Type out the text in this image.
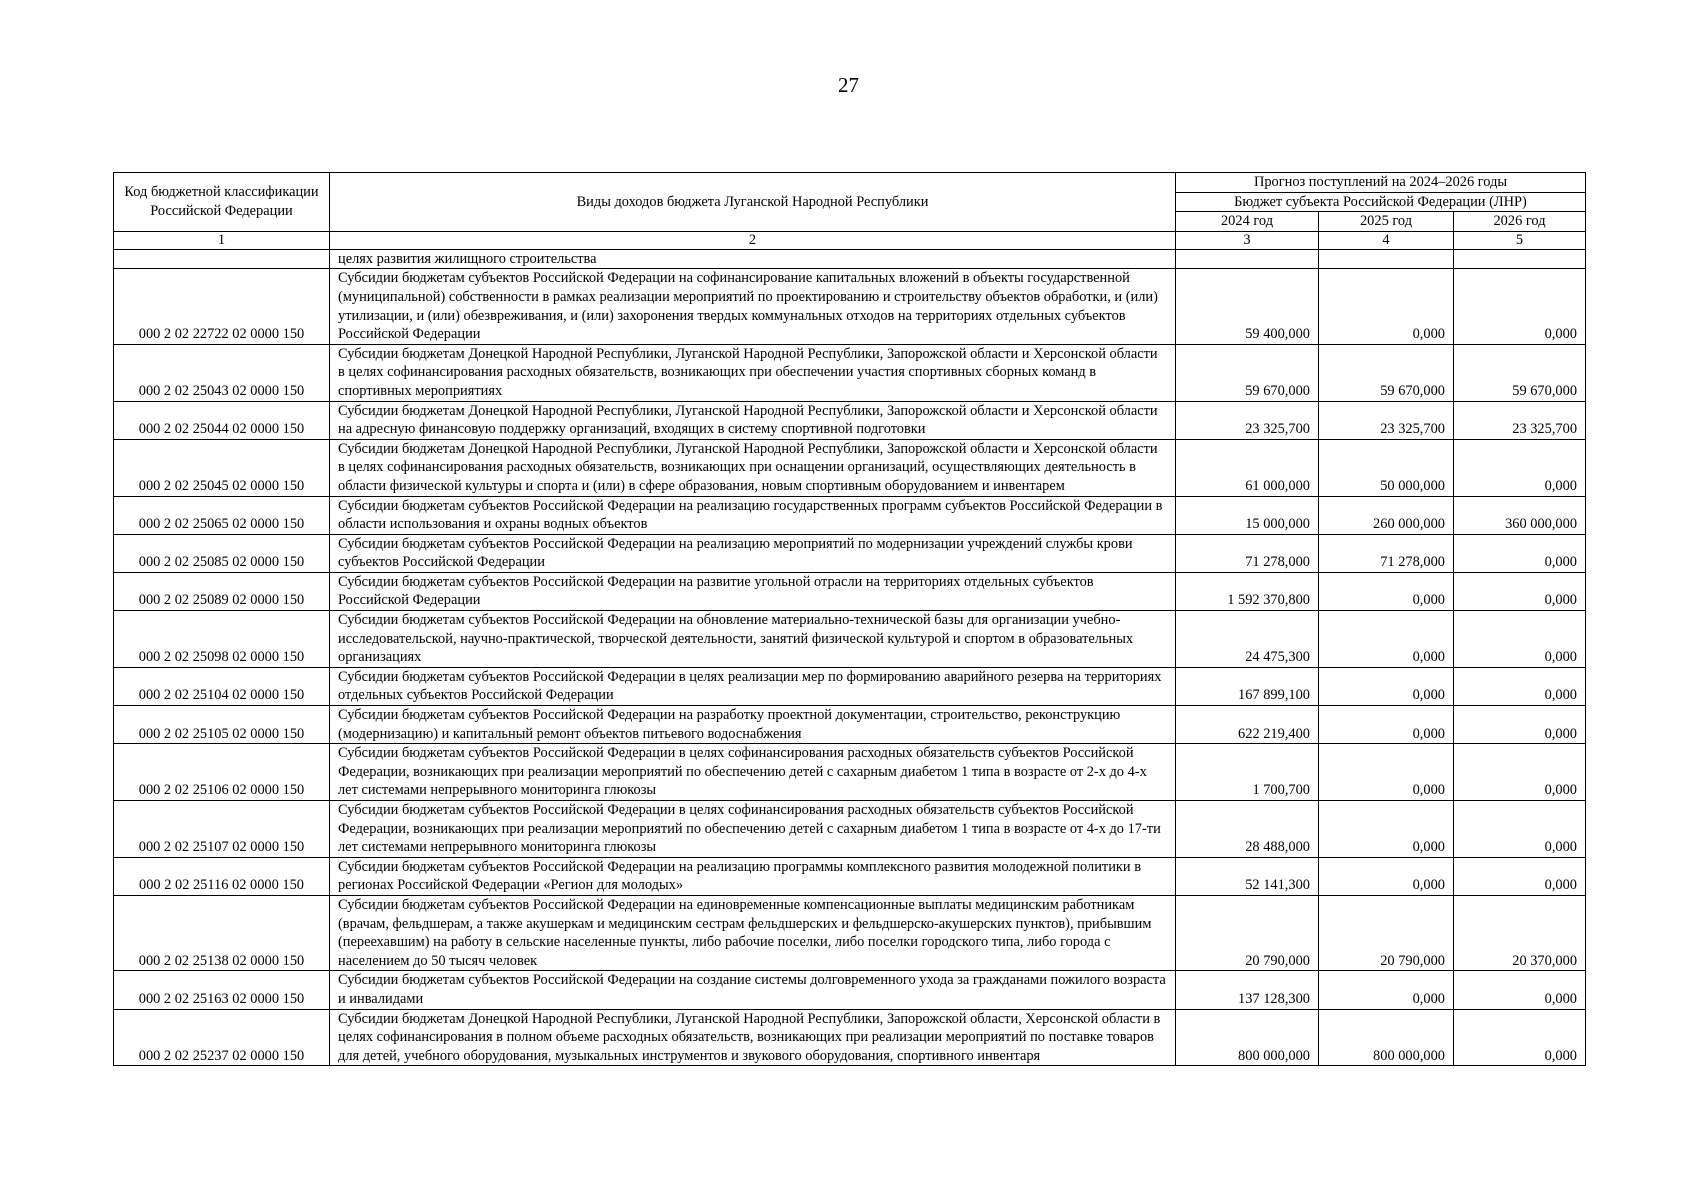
27
Код бюджетной классификации Российской Федерации	Виды доходов бюджета Луганской Народной Республики	Прогноз поступлений на 2024–2026 годы		
		Бюджет субъекта Российской Федерации (ЛНР)		
		2024 год	2025 год	2026 год
1	2	3	4	5
	целях развития жилищного строительства			
000 2 02 22722 02 0000 150	Субсидии бюджетам субъектов Российской Федерации на софинансирование капитальных вложений в объекты государственной (муниципальной) собственности в рамках реализации мероприятий по проектированию и строительству объектов обработки, и (или) утилизации, и (или) обезвреживания, и (или) захоронения твердых коммунальных отходов на территориях отдельных субъектов Российской Федерации	59 400,000	0,000	0,000
000 2 02 25043 02 0000 150	Субсидии бюджетам Донецкой Народной Республики, Луганской Народной Республики, Запорожской области и Херсонской области в целях софинансирования расходных обязательств, возникающих при обеспечении участия спортивных сборных команд в спортивных мероприятиях	59 670,000	59 670,000	59 670,000
000 2 02 25044 02 0000 150	Субсидии бюджетам Донецкой Народной Республики, Луганской Народной Республики, Запорожской области и Херсонской области на адресную финансовую поддержку организаций, входящих в систему спортивной подготовки	23 325,700	23 325,700	23 325,700
000 2 02 25045 02 0000 150	Субсидии бюджетам Донецкой Народной Республики, Луганской Народной Республики, Запорожской области и Херсонской области в целях софинансирования расходных обязательств, возникающих при оснащении организаций, осуществляющих деятельность в области физической культуры и спорта и (или) в сфере образования, новым спортивным оборудованием и инвентарем	61 000,000	50 000,000	0,000
000 2 02 25065 02 0000 150	Субсидии бюджетам субъектов Российской Федерации на реализацию государственных программ субъектов Российской Федерации в области использования и охраны водных объектов	15 000,000	260 000,000	360 000,000
000 2 02 25085 02 0000 150	Субсидии бюджетам субъектов Российской Федерации на реализацию мероприятий по модернизации учреждений службы крови субъектов Российской Федерации	71 278,000	71 278,000	0,000
000 2 02 25089 02 0000 150	Субсидии бюджетам субъектов Российской Федерации на развитие угольной отрасли на территориях отдельных субъектов Российской Федерации	1 592 370,800	0,000	0,000
000 2 02 25098 02 0000 150	Субсидии бюджетам субъектов Российской Федерации на обновление материально-технической базы для организации учебно-исследовательской, научно-практической, творческой деятельности, занятий физической культурой и спортом в образовательных организациях	24 475,300	0,000	0,000
000 2 02 25104 02 0000 150	Субсидии бюджетам субъектов Российской Федерации в целях реализации мер по формированию аварийного резерва на территориях отдельных субъектов Российской Федерации	167 899,100	0,000	0,000
000 2 02 25105 02 0000 150	Субсидии бюджетам субъектов Российской Федерации на разработку проектной документации, строительство, реконструкцию (модернизацию) и капитальный ремонт объектов питьевого водоснабжения	622 219,400	0,000	0,000
000 2 02 25106 02 0000 150	Субсидии бюджетам субъектов Российской Федерации в целях софинансирования расходных обязательств субъектов Российской Федерации, возникающих при реализации мероприятий по обеспечению детей с сахарным диабетом 1 типа в возрасте от 2-х до 4-х лет системами непрерывного мониторинга глюкозы	1 700,700	0,000	0,000
000 2 02 25107 02 0000 150	Субсидии бюджетам субъектов Российской Федерации в целях софинансирования расходных обязательств субъектов Российской Федерации, возникающих при реализации мероприятий по обеспечению детей с сахарным диабетом 1 типа в возрасте от 4-х до 17-ти лет системами непрерывного мониторинга глюкозы	28 488,000	0,000	0,000
000 2 02 25116 02 0000 150	Субсидии бюджетам субъектов Российской Федерации на реализацию программы комплексного развития молодежной политики в регионах Российской Федерации «Регион для молодых»	52 141,300	0,000	0,000
000 2 02 25138 02 0000 150	Субсидии бюджетам субъектов Российской Федерации на единовременные компенсационные выплаты медицинским работникам (врачам, фельдшерам, а также акушеркам и медицинским сестрам фельдшерских и фельдшерско-акушерских пунктов), прибывшим (переехавшим) на работу в сельские населенные пункты, либо рабочие поселки, либо поселки городского типа, либо города с населением до 50 тысяч человек	20 790,000	20 790,000	20 370,000
000 2 02 25163 02 0000 150	Субсидии бюджетам субъектов Российской Федерации на создание системы долговременного ухода за гражданами пожилого возраста и инвалидами	137 128,300	0,000	0,000
000 2 02 25237 02 0000 150	Субсидии бюджетам Донецкой Народной Республики, Луганской Народной Республики, Запорожской области, Херсонской области в целях софинансирования в полном объеме расходных обязательств, возникающих при реализации мероприятий по поставке товаров для детей, учебного оборудования, музыкальных инструментов и звукового оборудования, спортивного инвентаря	800 000,000	800 000,000	0,000
